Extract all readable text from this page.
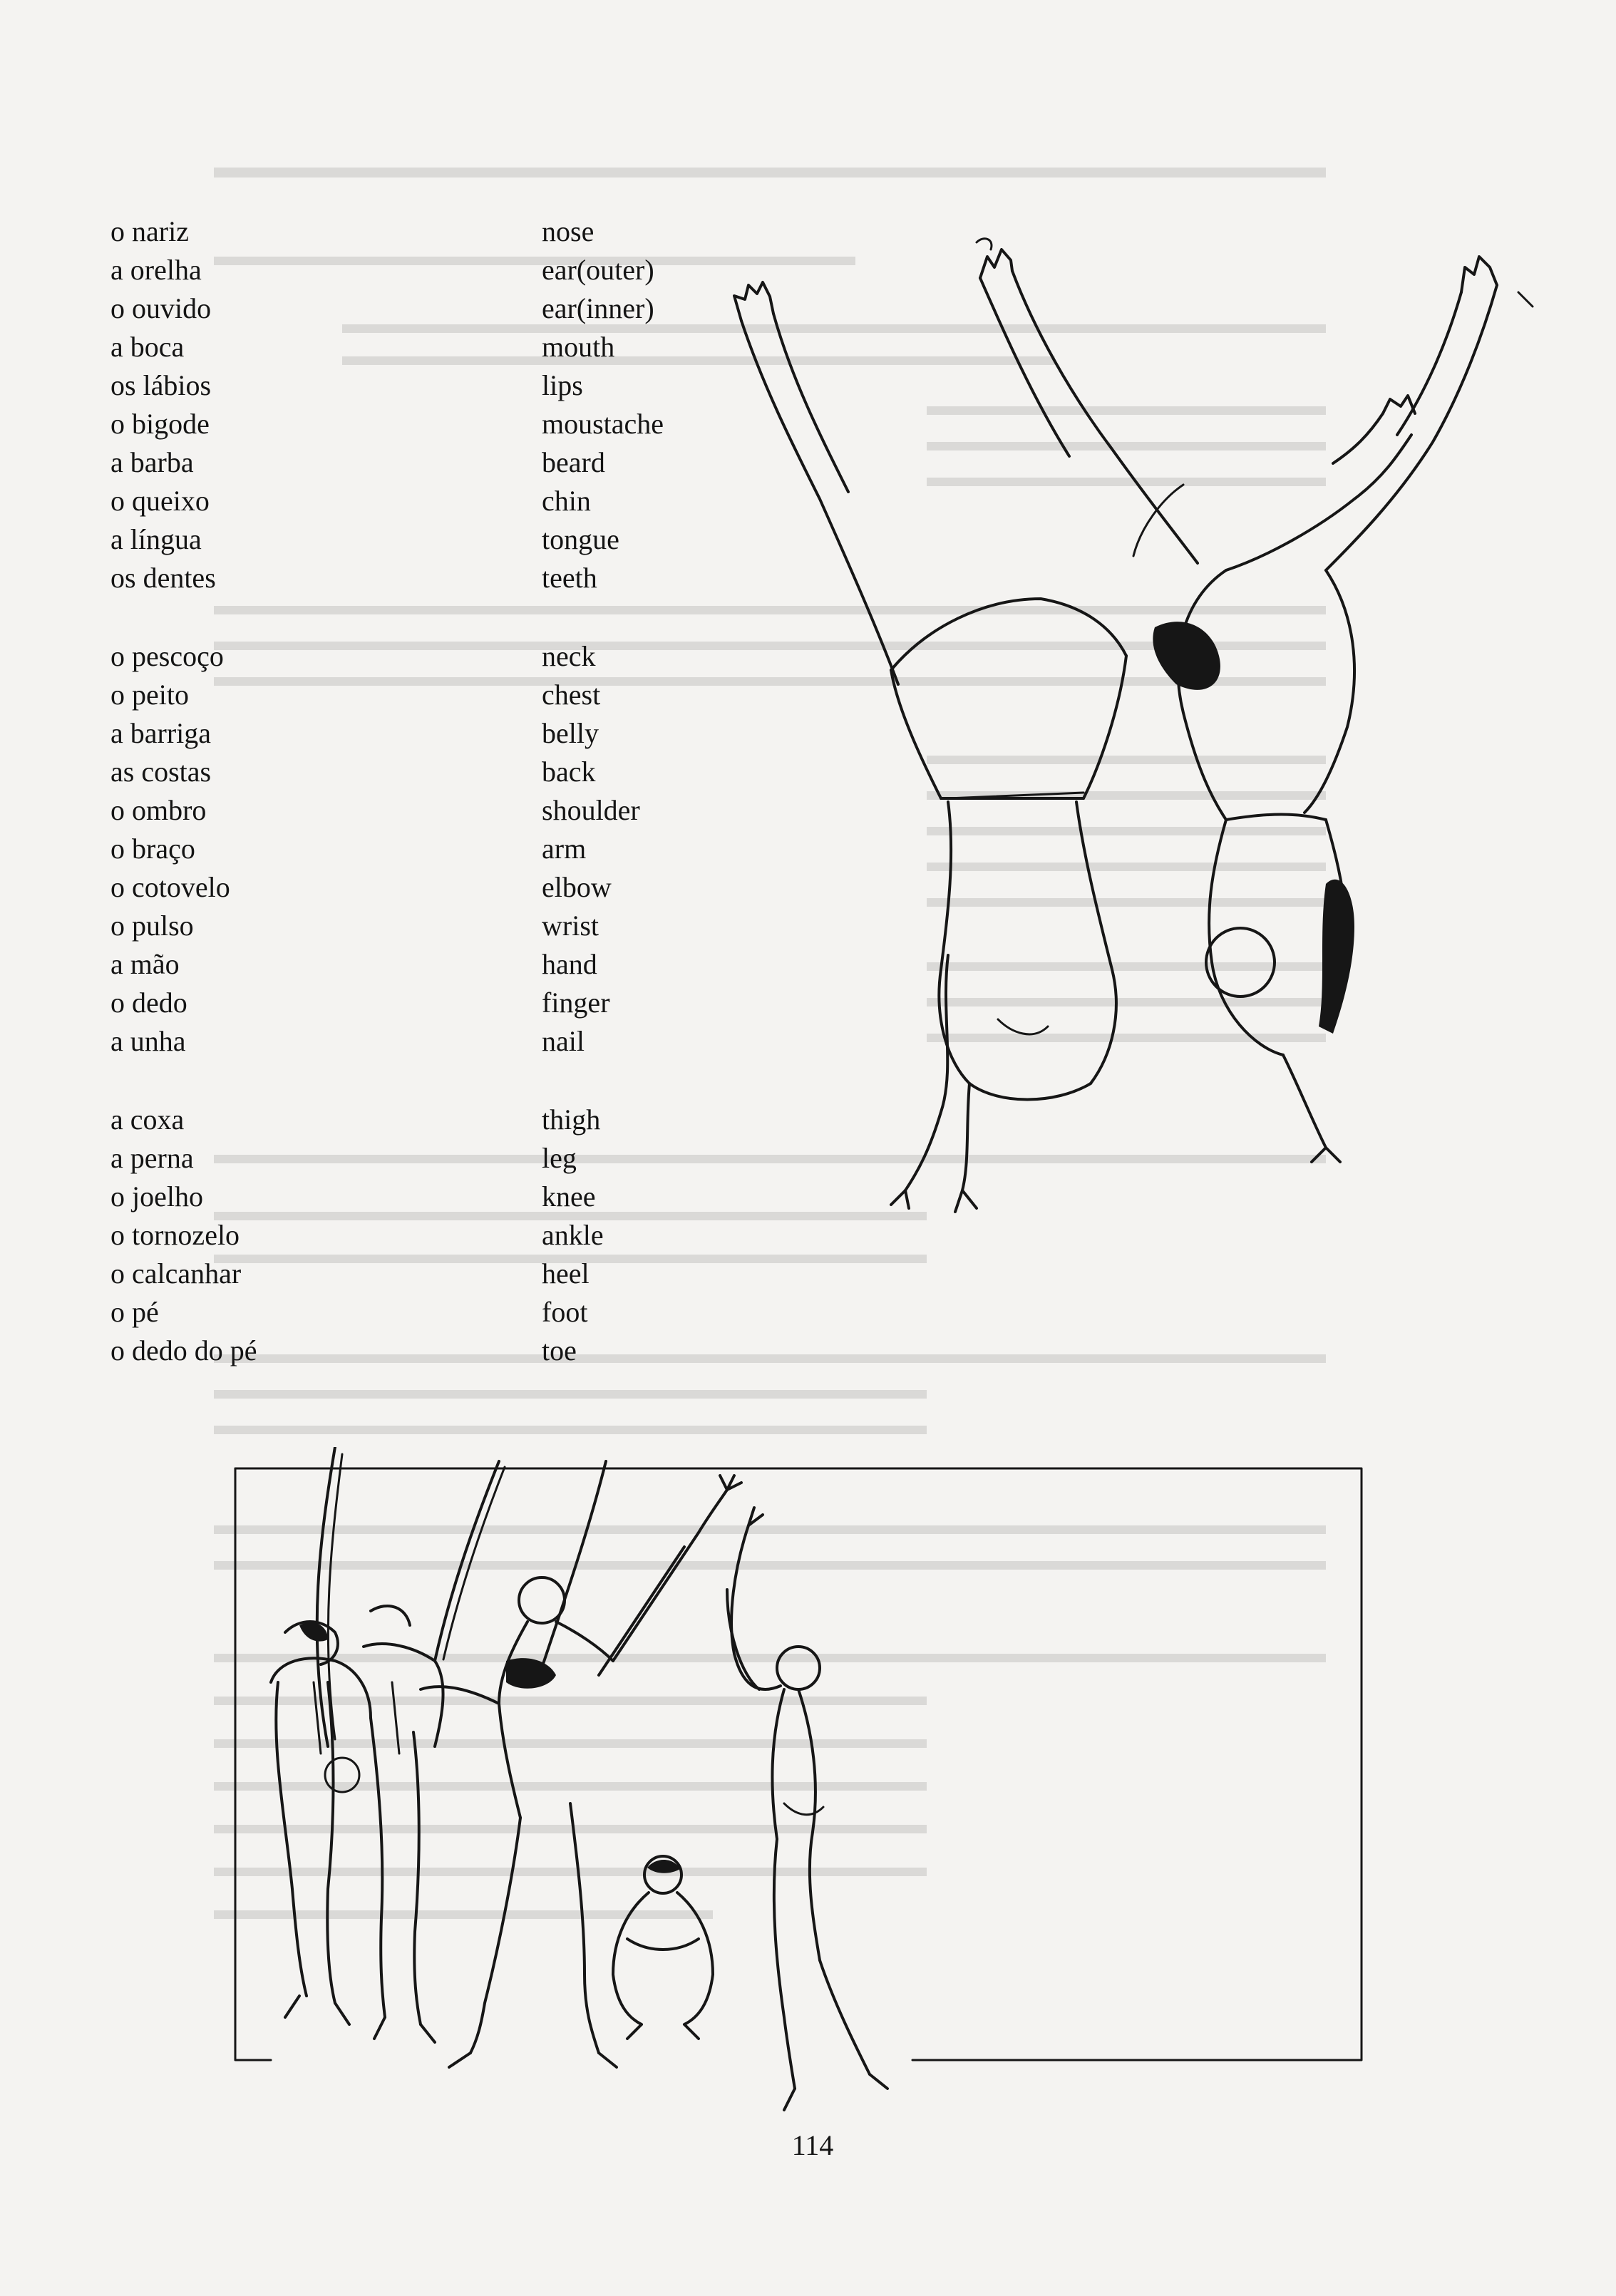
o nariz	nose
a orelha	ear(outer)
o ouvido	ear(inner)
a boca	mouth
os lábios	lips
o bigode	moustache
a barba	beard
o queixo	chin
a língua	tongue
os dentes	teeth
o pescoço	neck
o peito	chest
a barriga	belly
as costas	back
o ombro	shoulder
o braço	arm
o cotovelo	elbow
o pulso	wrist
a mão	hand
o dedo	finger
a unha	nail
a coxa	thigh
a perna	leg
o joelho	knee
o tornozelo	ankle
o calcanhar	heel
o pé	foot
o dedo do pé	toe
114
